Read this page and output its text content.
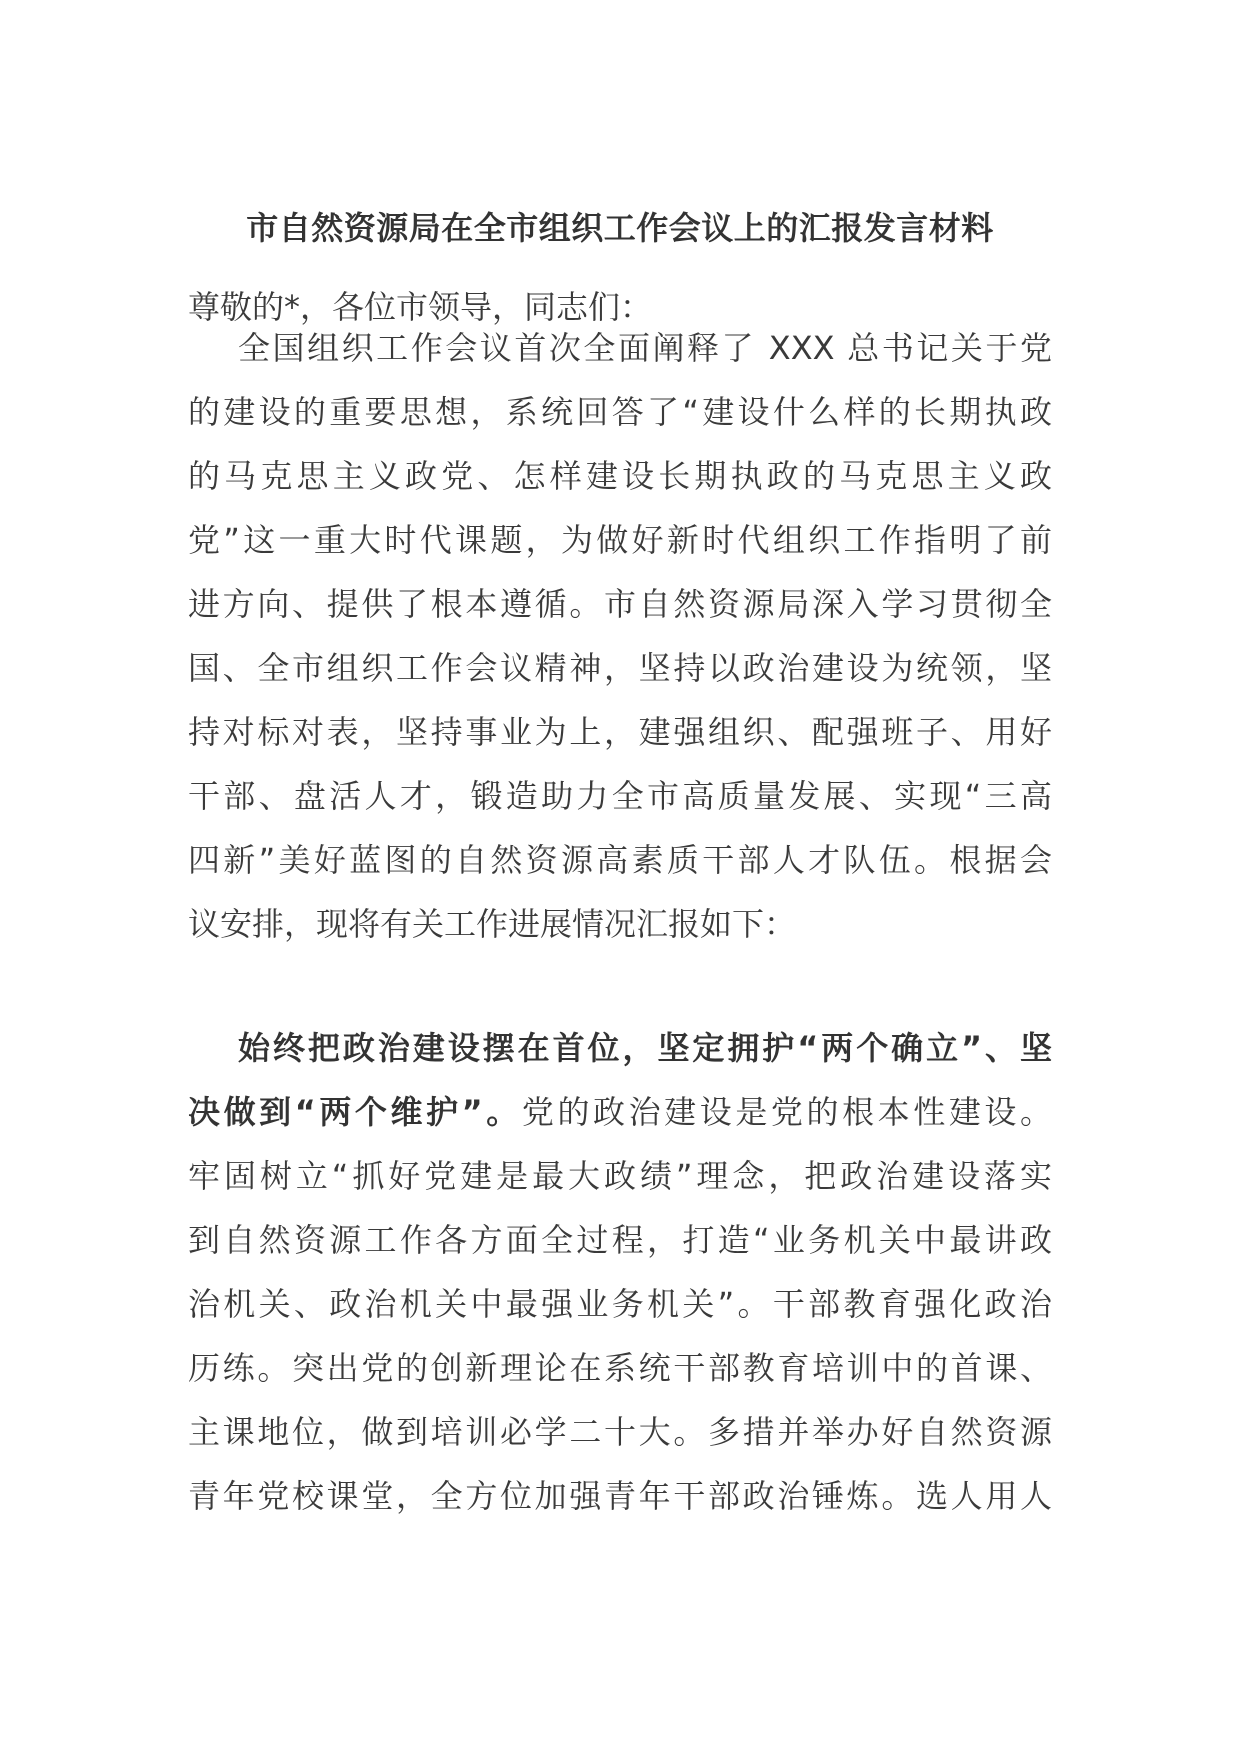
市自然资源局在全市组织工作会议上的汇报发言材料
尊敬的*，各位市领导，同志们：
全国组织工作会议首次全面阐释了 XXX 总书记关于党
的建设的重要思想，系统回答了“建设什么样的长期执政
的马克思主义政党、怎样建设长期执政的马克思主义政
党”这一重大时代课题，为做好新时代组织工作指明了前
进方向、提供了根本遵循。市自然资源局深入学习贯彻全
国、全市组织工作会议精神，坚持以政治建设为统领，坚
持对标对表，坚持事业为上，建强组织、配强班子、用好
干部、盘活人才，锻造助力全市高质量发展、实现“三高
四新”美好蓝图的自然资源高素质干部人才队伍。根据会
议安排，现将有关工作进展情况汇报如下：
始终把政治建设摆在首位，坚定拥护“两个确立”、坚
决做到“两个维护”。党的政治建设是党的根本性建设。
牢固树立“抓好党建是最大政绩”理念，把政治建设落实
到自然资源工作各方面全过程，打造“业务机关中最讲政
治机关、政治机关中最强业务机关”。干部教育强化政治
历练。突出党的创新理论在系统干部教育培训中的首课、
主课地位，做到培训必学二十大。多措并举办好自然资源
青年党校课堂，全方位加强青年干部政治锤炼。选人用人
